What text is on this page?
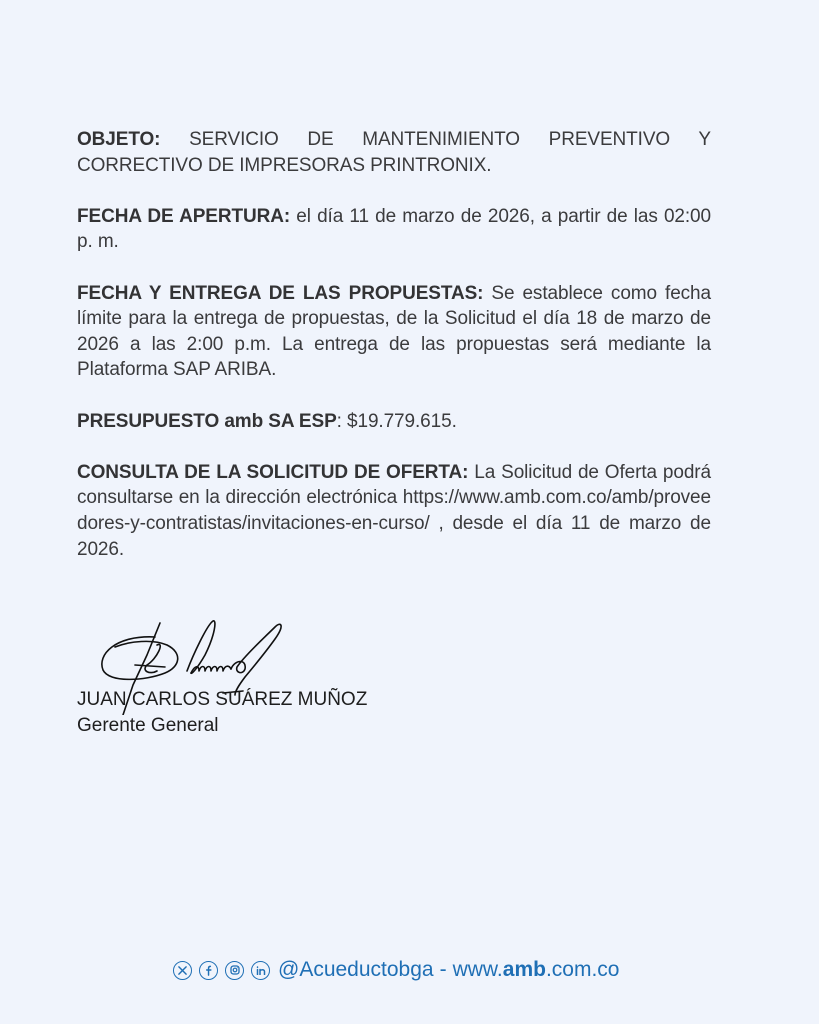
OBJETO: SERVICIO DE MANTENIMIENTO PREVENTIVO Y CORRECTIVO DE IMPRESORAS PRINTRONIX.

FECHA DE APERTURA: el día 11 de marzo de 2026, a partir de las 02:00 p. m.

FECHA Y ENTREGA DE LAS PROPUESTAS: Se establece como fecha límite para la entrega de propuestas, de la Solicitud el día 18 de marzo de 2026 a las 2:00 p.m. La entrega de las propuestas será mediante la Plataforma SAP ARIBA.

PRESUPUESTO amb SA ESP: $19.779.615.

CONSULTA DE LA SOLICITUD DE OFERTA: La Solicitud de Oferta podrá consultarse en la dirección electrónica https://www.amb.com.co/amb/proveedores-y-contratistas/invitaciones-en-curso/ , desde el día 11 de marzo de 2026.

JUAN CARLOS SUÁREZ MUÑOZ
Gerente General
@Acueductobga - www.amb.com.co
